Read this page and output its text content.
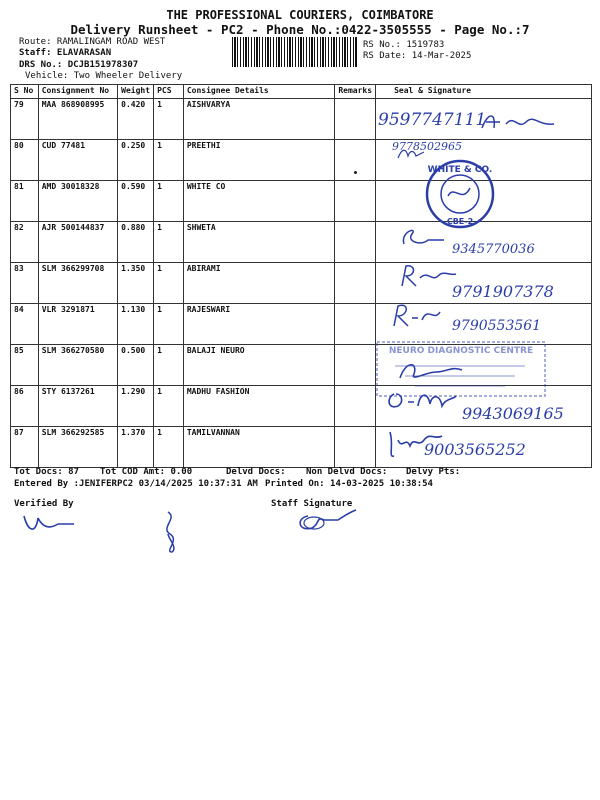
THE PROFESSIONAL COURIERS, COIMBATORE
Delivery Runsheet - PC2 - Phone No.:0422-3505555 - Page No.:7
Route: RAMALINGAM ROAD WEST
Staff: ELAVARASAN
DRS No.: DCJB151978307
Vehicle: Two Wheeler Delivery
RS No.: 1519783
RS Date: 14-Mar-2025
S No	Consignment No	Weight	PCS	Consignee Details	Remarks	Seal & Signature
79	MAA 868908995	0.420	1	AISHVARYA		
80	CUD 77481	0.250	1	PREETHI		
81	AMD 30018328	0.590	1	WHITE CO		
82	AJR 500144837	0.880	1	SHWETA		
83	SLM 366299708	1.350	1	ABIRAMI		
84	VLR 3291871	1.130	1	RAJESWARI		
85	SLM 366270580	0.500	1	BALAJI NEURO		
86	STY 6137261	1.290	1	MADHU FASHION		
87	SLM 366292585	1.370	1	TAMILVANNAN		
9597747111
9778502965
WHITE & CO.
CBE-2
9345770036
9791907378
9790553561
NEURO DIAGNOSTIC CENTRE
9943069165
9003565252
Tot Docs: 87 Tot COD Amt: 0.00	Delvd Docs: Non Delvd Docs: Delvy Pts:
Entered By :JENIFERPC2 03/14/2025 10:37:31 AM Printed On: 14-03-2025 10:38:54
Verified By	Staff Signature
